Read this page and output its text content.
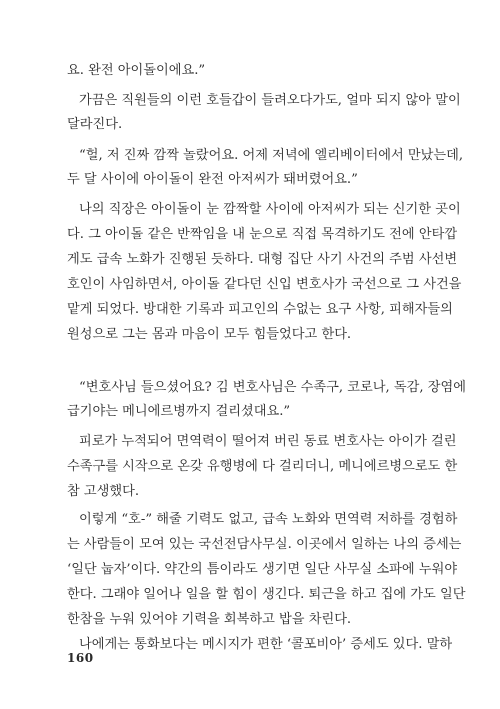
요. 완전 아이돌이에요.”
가끔은 직원들의 이런 호들갑이 들려오다가도, 얼마 되지 않아 말이
달라진다.
“헐, 저 진짜 깜짝 놀랐어요. 어제 저녁에 엘리베이터에서 만났는데,
두 달 사이에 아이돌이 완전 아저씨가 돼버렸어요.”
나의 직장은 아이돌이 눈 깜짝할 사이에 아저씨가 되는 신기한 곳이
다. 그 아이돌 같은 반짝임을 내 눈으로 직접 목격하기도 전에 안타깝
게도 급속 노화가 진행된 듯하다. 대형 집단 사기 사건의 주범 사선변
호인이 사임하면서, 아이돌 같다던 신입 변호사가 국선으로 그 사건을
맡게 되었다. 방대한 기록과 피고인의 수없는 요구 사항, 피해자들의
원성으로 그는 몸과 마음이 모두 힘들었다고 한다.
“변호사님 들으셨어요? 김 변호사님은 수족구, 코로나, 독감, 장염에
급기야는 메니에르병까지 걸리셨대요.”
피로가 누적되어 면역력이 떨어져 버린 동료 변호사는 아이가 걸린
수족구를 시작으로 온갖 유행병에 다 걸리더니, 메니에르병으로도 한
참 고생했다.
이렇게 “호-” 해줄 기력도 없고, 급속 노화와 면역력 저하를 경험하
는 사람들이 모여 있는 국선전담사무실. 이곳에서 일하는 나의 증세는
‘일단 눕자’이다. 약간의 틈이라도 생기면 일단 사무실 소파에 누워야
한다. 그래야 일어나 일을 할 힘이 생긴다. 퇴근을 하고 집에 가도 일단
한참을 누워 있어야 기력을 회복하고 밥을 차린다.
나에게는 통화보다는 메시지가 편한 ‘콜포비아’ 증세도 있다. 말하
160
